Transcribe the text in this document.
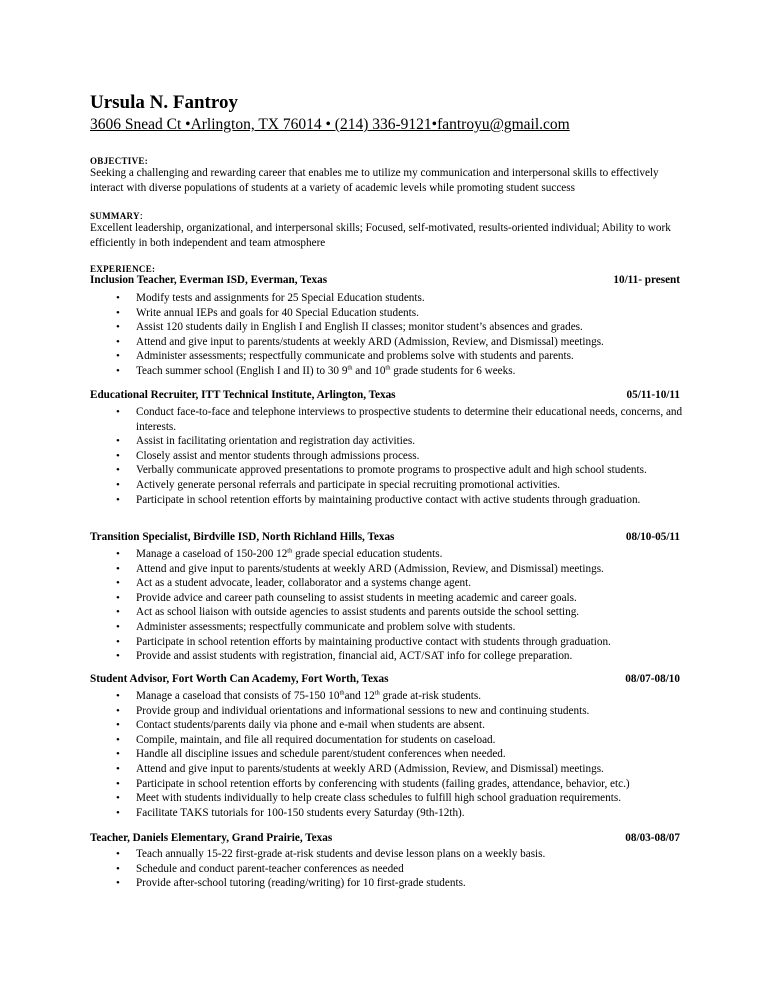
Ursula N. Fantroy
3606 Snead Ct •Arlington, TX 76014 • (214) 336-9121•fantroyu@gmail.com
OBJECTIVE:
Seeking a challenging and rewarding career that enables me to utilize my communication and interpersonal skills to effectively interact with diverse populations of students at a variety of academic levels while promoting student success
SUMMARY:
Excellent leadership, organizational, and interpersonal skills; Focused, self-motivated, results-oriented individual; Ability to work efficiently in both independent and team atmosphere
EXPERIENCE:
Inclusion Teacher, Everman ISD, Everman, Texas	10/11- present
• Modify tests and assignments for 25 Special Education students.
• Write annual IEPs and goals for 40 Special Education students.
• Assist 120 students daily in English I and English II classes; monitor student’s absences and grades.
• Attend and give input to parents/students at weekly ARD (Admission, Review, and Dismissal) meetings.
• Administer assessments; respectfully communicate and problems solve with students and parents.
• Teach summer school (English I and II) to 30 9th and 10th grade students for 6 weeks.
Educational Recruiter, ITT Technical Institute, Arlington, Texas	05/11-10/11
• Conduct face-to-face and telephone interviews to prospective students to determine their educational needs, concerns, and interests.
• Assist in facilitating orientation and registration day activities.
• Closely assist and mentor students through admissions process.
• Verbally communicate approved presentations to promote programs to prospective adult and high school students.
• Actively generate personal referrals and participate in special recruiting promotional activities.
• Participate in school retention efforts by maintaining productive contact with active students through graduation.
Transition Specialist, Birdville ISD, North Richland Hills, Texas	08/10-05/11
• Manage a caseload of 150-200 12th grade special education students.
• Attend and give input to parents/students at weekly ARD (Admission, Review, and Dismissal) meetings.
• Act as a student advocate, leader, collaborator and a systems change agent.
• Provide advice and career path counseling to assist students in meeting academic and career goals.
• Act as school liaison with outside agencies to assist students and parents outside the school setting.
• Administer assessments; respectfully communicate and problem solve with students.
• Participate in school retention efforts by maintaining productive contact with students through graduation.
• Provide and assist students with registration, financial aid, ACT/SAT info for college preparation.
Student Advisor, Fort Worth Can Academy, Fort Worth, Texas	08/07-08/10
• Manage a caseload that consists of 75-150 10thand 12th grade at-risk students.
• Provide group and individual orientations and informational sessions to new and continuing students.
• Contact students/parents daily via phone and e-mail when students are absent.
• Compile, maintain, and file all required documentation for students on caseload.
• Handle all discipline issues and schedule parent/student conferences when needed.
• Attend and give input to parents/students at weekly ARD (Admission, Review, and Dismissal) meetings.
• Participate in school retention efforts by conferencing with students (failing grades, attendance, behavior, etc.)
• Meet with students individually to help create class schedules to fulfill high school graduation requirements.
• Facilitate TAKS tutorials for 100-150 students every Saturday (9th-12th).
Teacher, Daniels Elementary, Grand Prairie, Texas	08/03-08/07
• Teach annually 15-22 first-grade at-risk students and devise lesson plans on a weekly basis.
• Schedule and conduct parent-teacher conferences as needed
• Provide after-school tutoring (reading/writing) for 10 first-grade students.
